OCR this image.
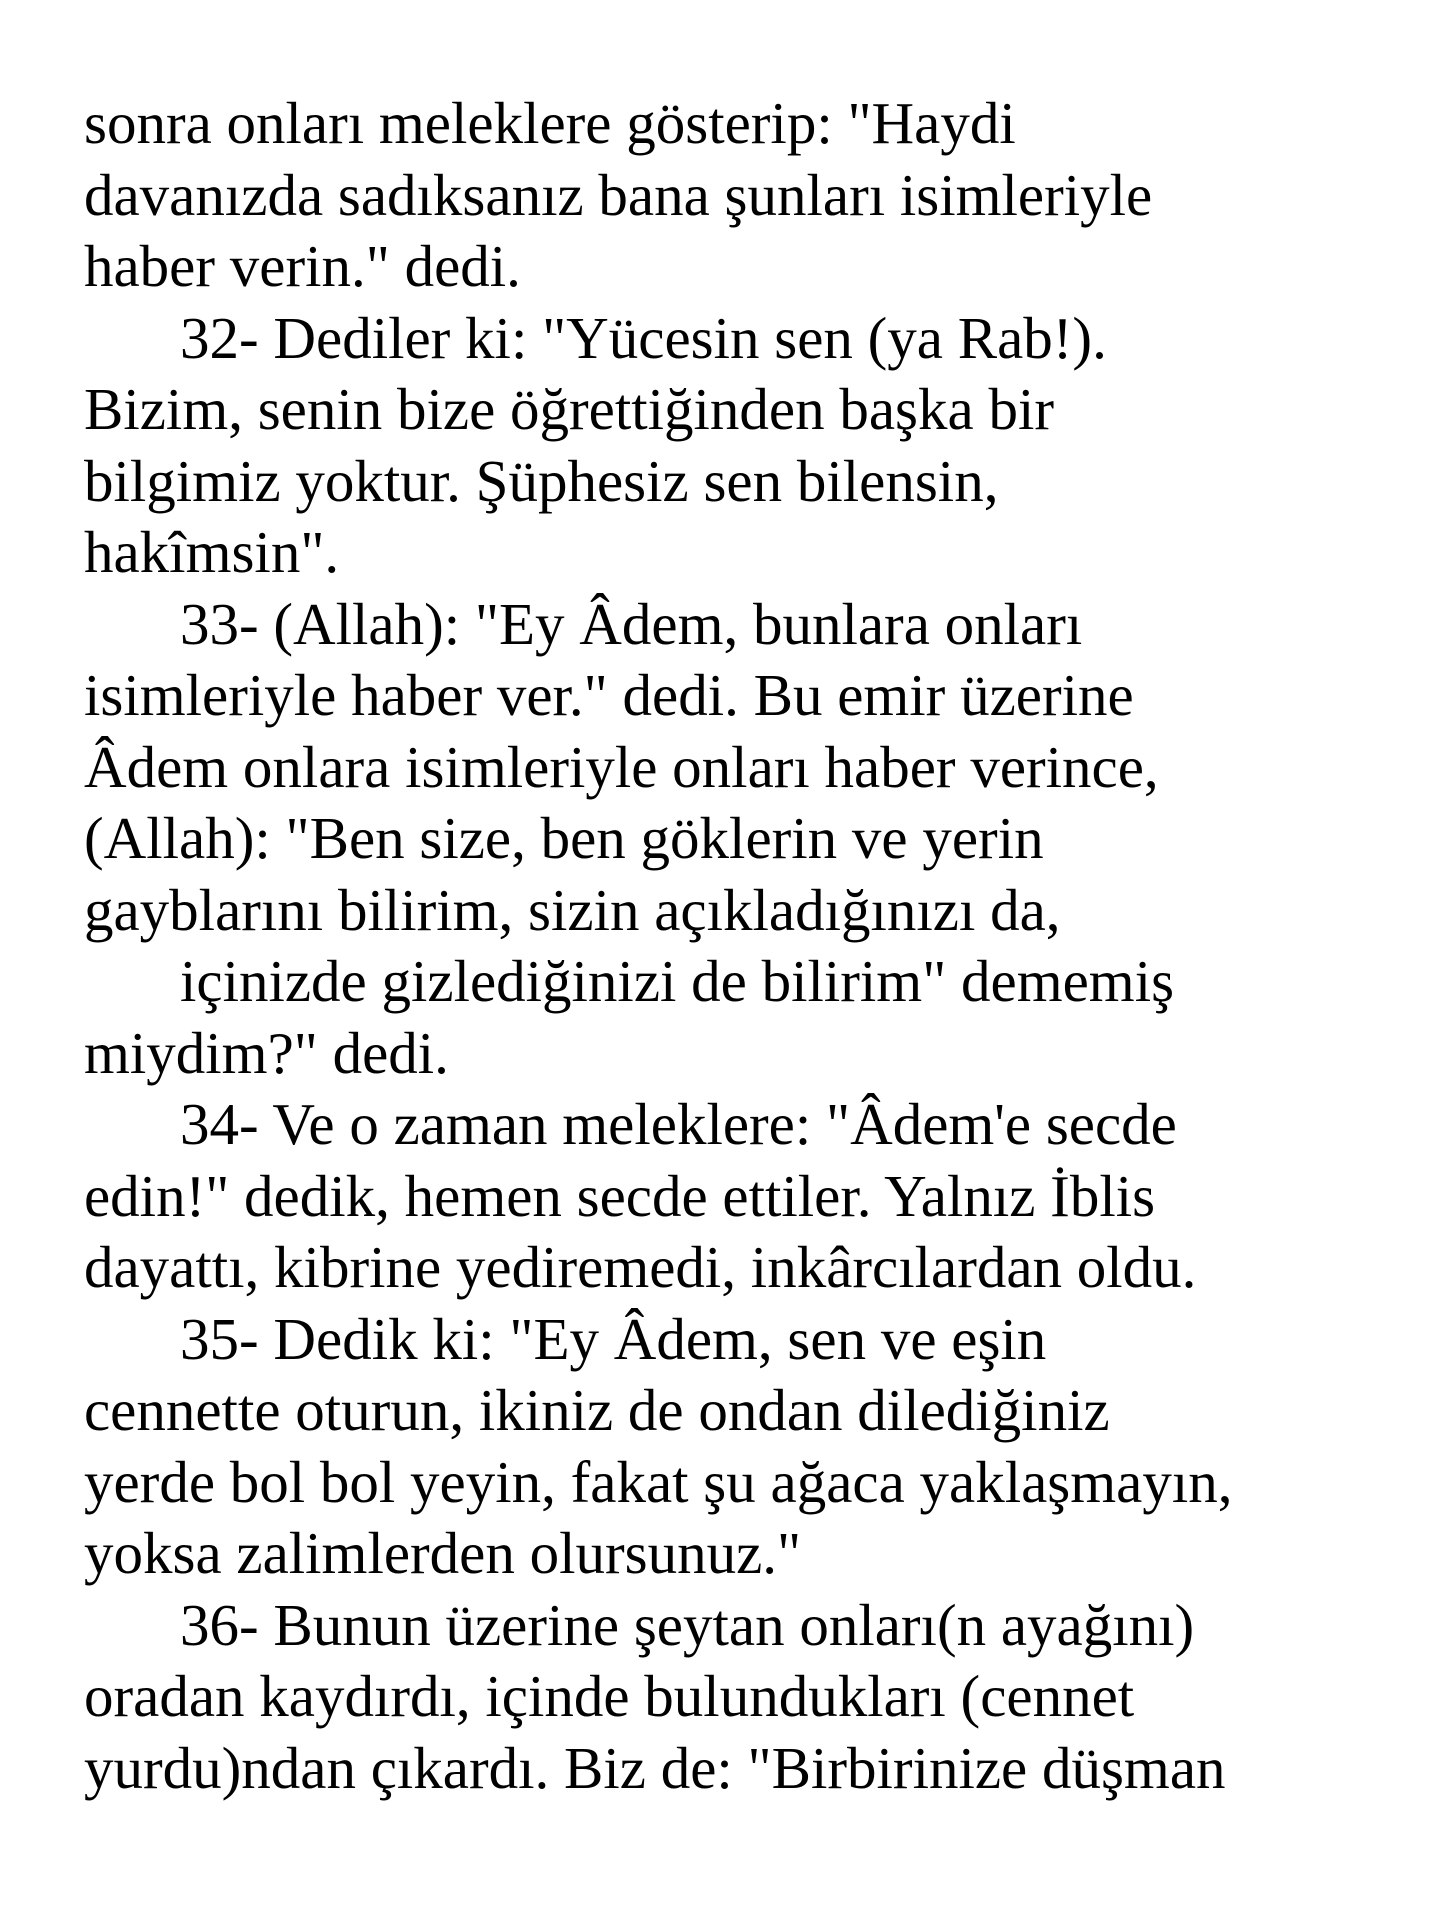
sonra onları meleklere gösterip: "Haydi
davanızda sadıksanız bana şunları isimleriyle
haber verin." dedi.
32- Dediler ki: "Yücesin sen (ya Rab!).
Bizim, senin bize öğrettiğinden başka bir
bilgimiz yoktur. Şüphesiz sen bilensin,
hakîmsin".
33- (Allah): "Ey Âdem, bunlara onları
isimleriyle haber ver." dedi. Bu emir üzerine
Âdem onlara isimleriyle onları haber verince,
(Allah): "Ben size, ben göklerin ve yerin
gayblarını bilirim, sizin açıkladığınızı da,
içinizde gizlediğinizi de bilirim" dememiş
miydim?" dedi.
34- Ve o zaman meleklere: "Âdem'e secde
edin!" dedik, hemen secde ettiler. Yalnız İblis
dayattı, kibrine yediremedi, inkârcılardan oldu.
35- Dedik ki: "Ey Âdem, sen ve eşin
cennette oturun, ikiniz de ondan dilediğiniz
yerde bol bol yeyin, fakat şu ağaca yaklaşmayın,
yoksa zalimlerden olursunuz."
36- Bunun üzerine şeytan onları(n ayağını)
oradan kaydırdı, içinde bulundukları (cennet
yurdu)ndan çıkardı. Biz de: "Birbirinize düşman
